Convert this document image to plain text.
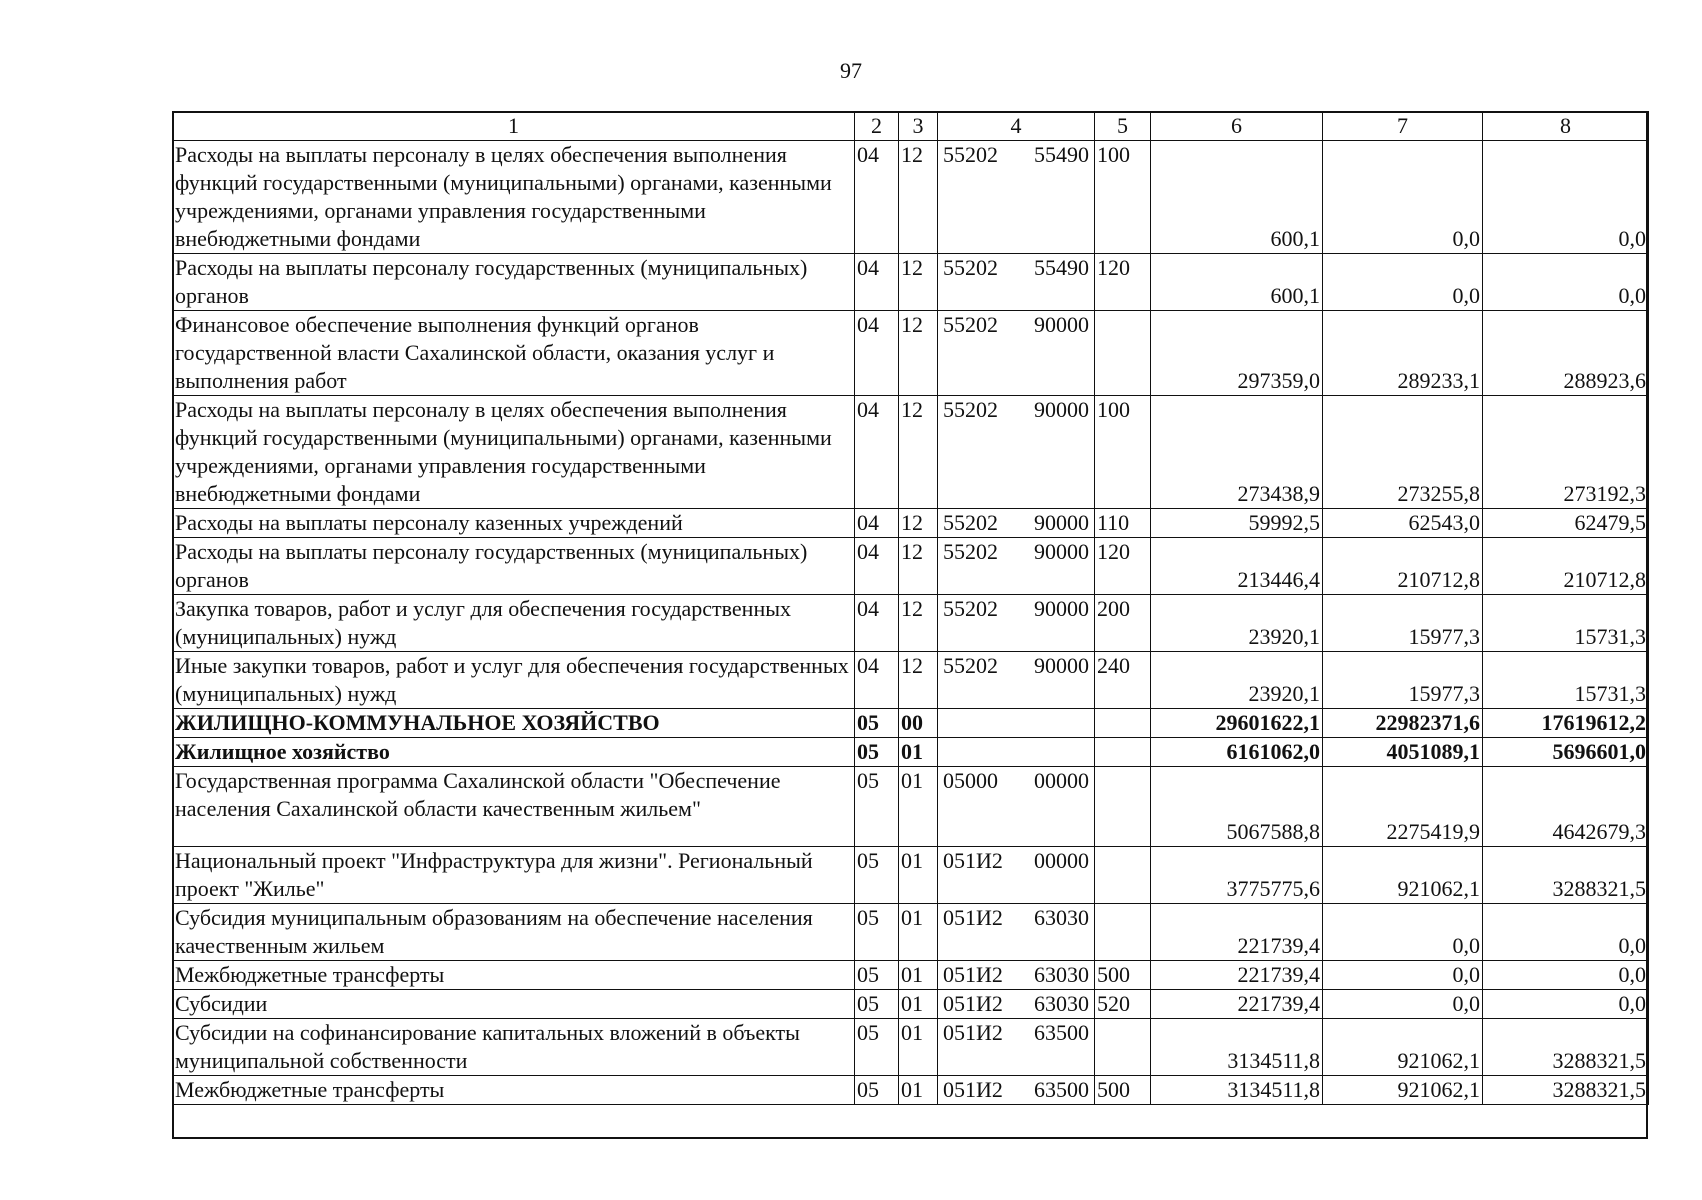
97
1	2	3	4	5	6	7	8
Расходы на выплаты персоналу в целях обеспечения выполнения функций государственными (муниципальными) органами, казенными учреждениями, органами управления государственными внебюджетными фондами	04	12	55202 55490	100	600,1	0,0	0,0
Расходы на выплаты персоналу государственных (муниципальных) органов	04	12	55202 55490	120	600,1	0,0	0,0
Финансовое обеспечение выполнения функций органов государственной власти Сахалинской области, оказания услуг и выполнения работ	04	12	55202 90000		297359,0	289233,1	288923,6
Расходы на выплаты персоналу в целях обеспечения выполнения функций государственными (муниципальными) органами, казенными учреждениями, органами управления государственными внебюджетными фондами	04	12	55202 90000	100	273438,9	273255,8	273192,3
Расходы на выплаты персоналу казенных учреждений	04	12	55202 90000	110	59992,5	62543,0	62479,5
Расходы на выплаты персоналу государственных (муниципальных) органов	04	12	55202 90000	120	213446,4	210712,8	210712,8
Закупка товаров, работ и услуг для обеспечения государственных (муниципальных) нужд	04	12	55202 90000	200	23920,1	15977,3	15731,3
Иные закупки товаров, работ и услуг для обеспечения государственных (муниципальных) нужд	04	12	55202 90000	240	23920,1	15977,3	15731,3
ЖИЛИЩНО-КОММУНАЛЬНОЕ ХОЗЯЙСТВО	05	00			29601622,1	22982371,6	17619612,2
Жилищное хозяйство	05	01			6161062,0	4051089,1	5696601,0
Государственная программа Сахалинской области "Обеспечение населения Сахалинской области качественным жильем"	05	01	05000 00000		5067588,8	2275419,9	4642679,3
Национальный проект "Инфраструктура для жизни". Региональный проект "Жилье"	05	01	051И2 00000		3775775,6	921062,1	3288321,5
Субсидия муниципальным образованиям на обеспечение населения качественным жильем	05	01	051И2 63030		221739,4	0,0	0,0
Межбюджетные трансферты	05	01	051И2 63030	500	221739,4	0,0	0,0
Субсидии	05	01	051И2 63030	520	221739,4	0,0	0,0
Субсидии на софинансирование капитальных вложений в объекты муниципальной собственности	05	01	051И2 63500		3134511,8	921062,1	3288321,5
Межбюджетные трансферты	05	01	051И2 63500	500	3134511,8	921062,1	3288321,5
